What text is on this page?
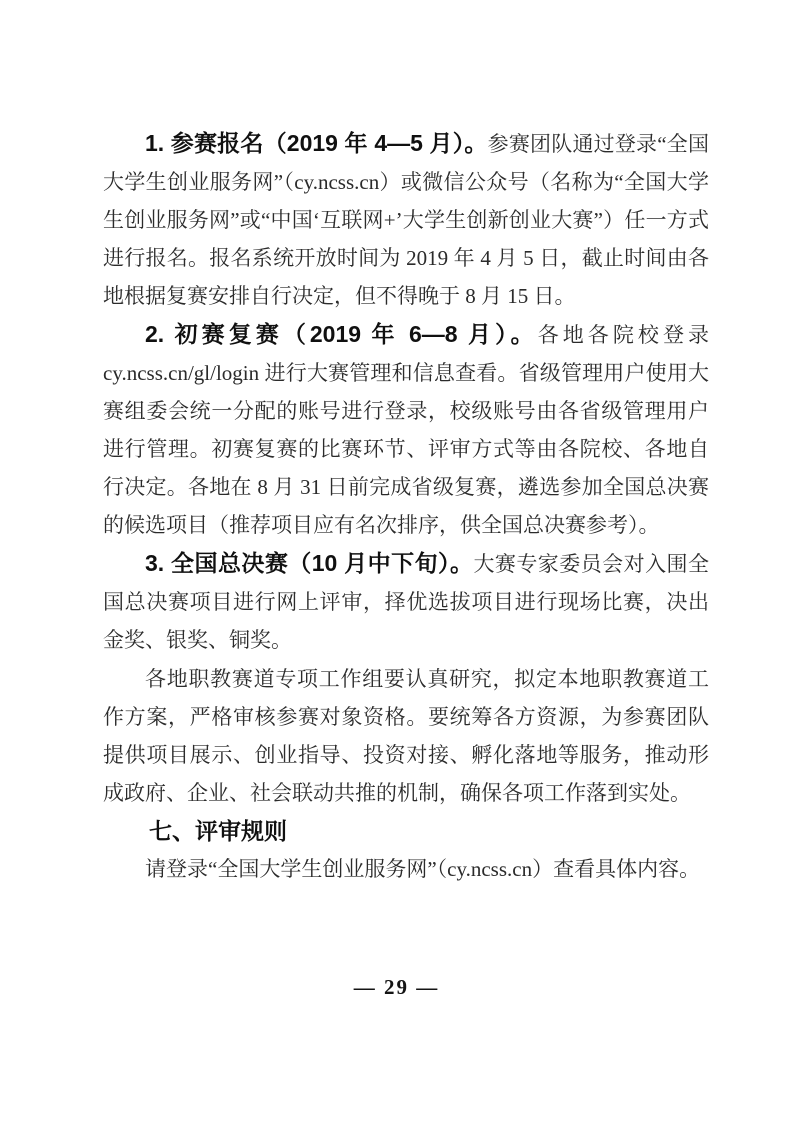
1. 参赛报名（2019 年 4—5 月）。参赛团队通过登录“全国大学生创业服务网”（cy.ncss.cn）或微信公众号（名称为“全国大学生创业服务网”或“中国‘互联网+’大学生创新创业大赛”）任一方式进行报名。报名系统开放时间为 2019 年 4 月 5 日，截止时间由各地根据复赛安排自行决定，但不得晚于 8 月 15 日。

2. 初赛复赛（2019 年 6—8 月）。各地各院校登录 cy.ncss.cn/gl/login 进行大赛管理和信息查看。省级管理用户使用大赛组委会统一分配的账号进行登录，校级账号由各省级管理用户进行管理。初赛复赛的比赛环节、评审方式等由各院校、各地自行决定。各地在 8 月 31 日前完成省级复赛，遴选参加全国总决赛的候选项目（推荐项目应有名次排序，供全国总决赛参考）。

3. 全国总决赛（10 月中下旬）。大赛专家委员会对入围全国总决赛项目进行网上评审，择优选拔项目进行现场比赛，决出金奖、银奖、铜奖。

各地职教赛道专项工作组要认真研究，拟定本地职教赛道工作方案，严格审核参赛对象资格。要统筹各方资源，为参赛团队提供项目展示、创业指导、投资对接、孵化落地等服务，推动形成政府、企业、社会联动共推的机制，确保各项工作落到实处。

七、评审规则

请登录“全国大学生创业服务网”（cy.ncss.cn）查看具体内容。

— 29 —
